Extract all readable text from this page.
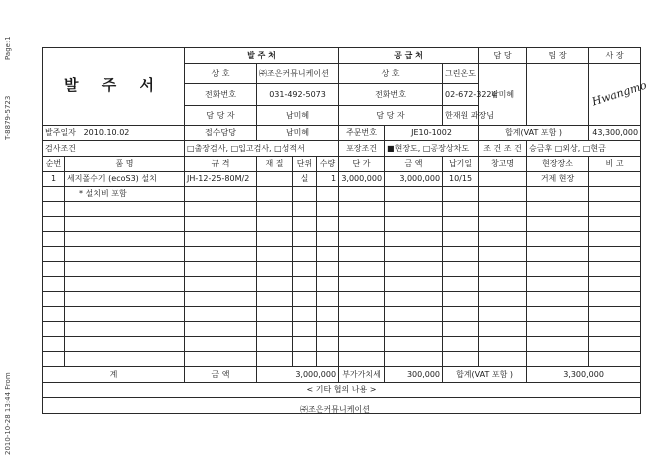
Page:1
T-8879-5723
2010-10-28 13:44 From
발 주 서		발 주 처				공 급 처			담 당	팀 장	사 장
		상 호	㈜조은커뮤니케이션			상 호		그린온도	남미혜		Hwangmo
		전화번호	031-492-5073			전화번호		02-672-3224			
		담 당 자	남미혜			담 당 자		한재원 과장님			
발주일자 2010.10.02		접수담당	남미혜			주문번호	JE10-1002		합계(VAT 포함 )		43,300,000
검사조건		□출장검사, □입고검사, □성적서				포장조건	■현장도, □공장상차도		조 건 조 건	승금후 □외상, □현금	
순번	품 명	규 격	재 질	단위	수량	단 가	금 액	납기일	창고명	현장장소	비 고
1	세지폴수기 (ecoS3) 설치	JH-12-25-80M/2		실	1	3,000,000	3,000,000	10/15		거제 현장	
	* 설치비 포함										

계		금 액	3,000,000			부가가치세	300,000	합계(VAT 포함 )		3,300,000	
< 기타 협의 나용 >											

㈜조은커뮤니케이션
